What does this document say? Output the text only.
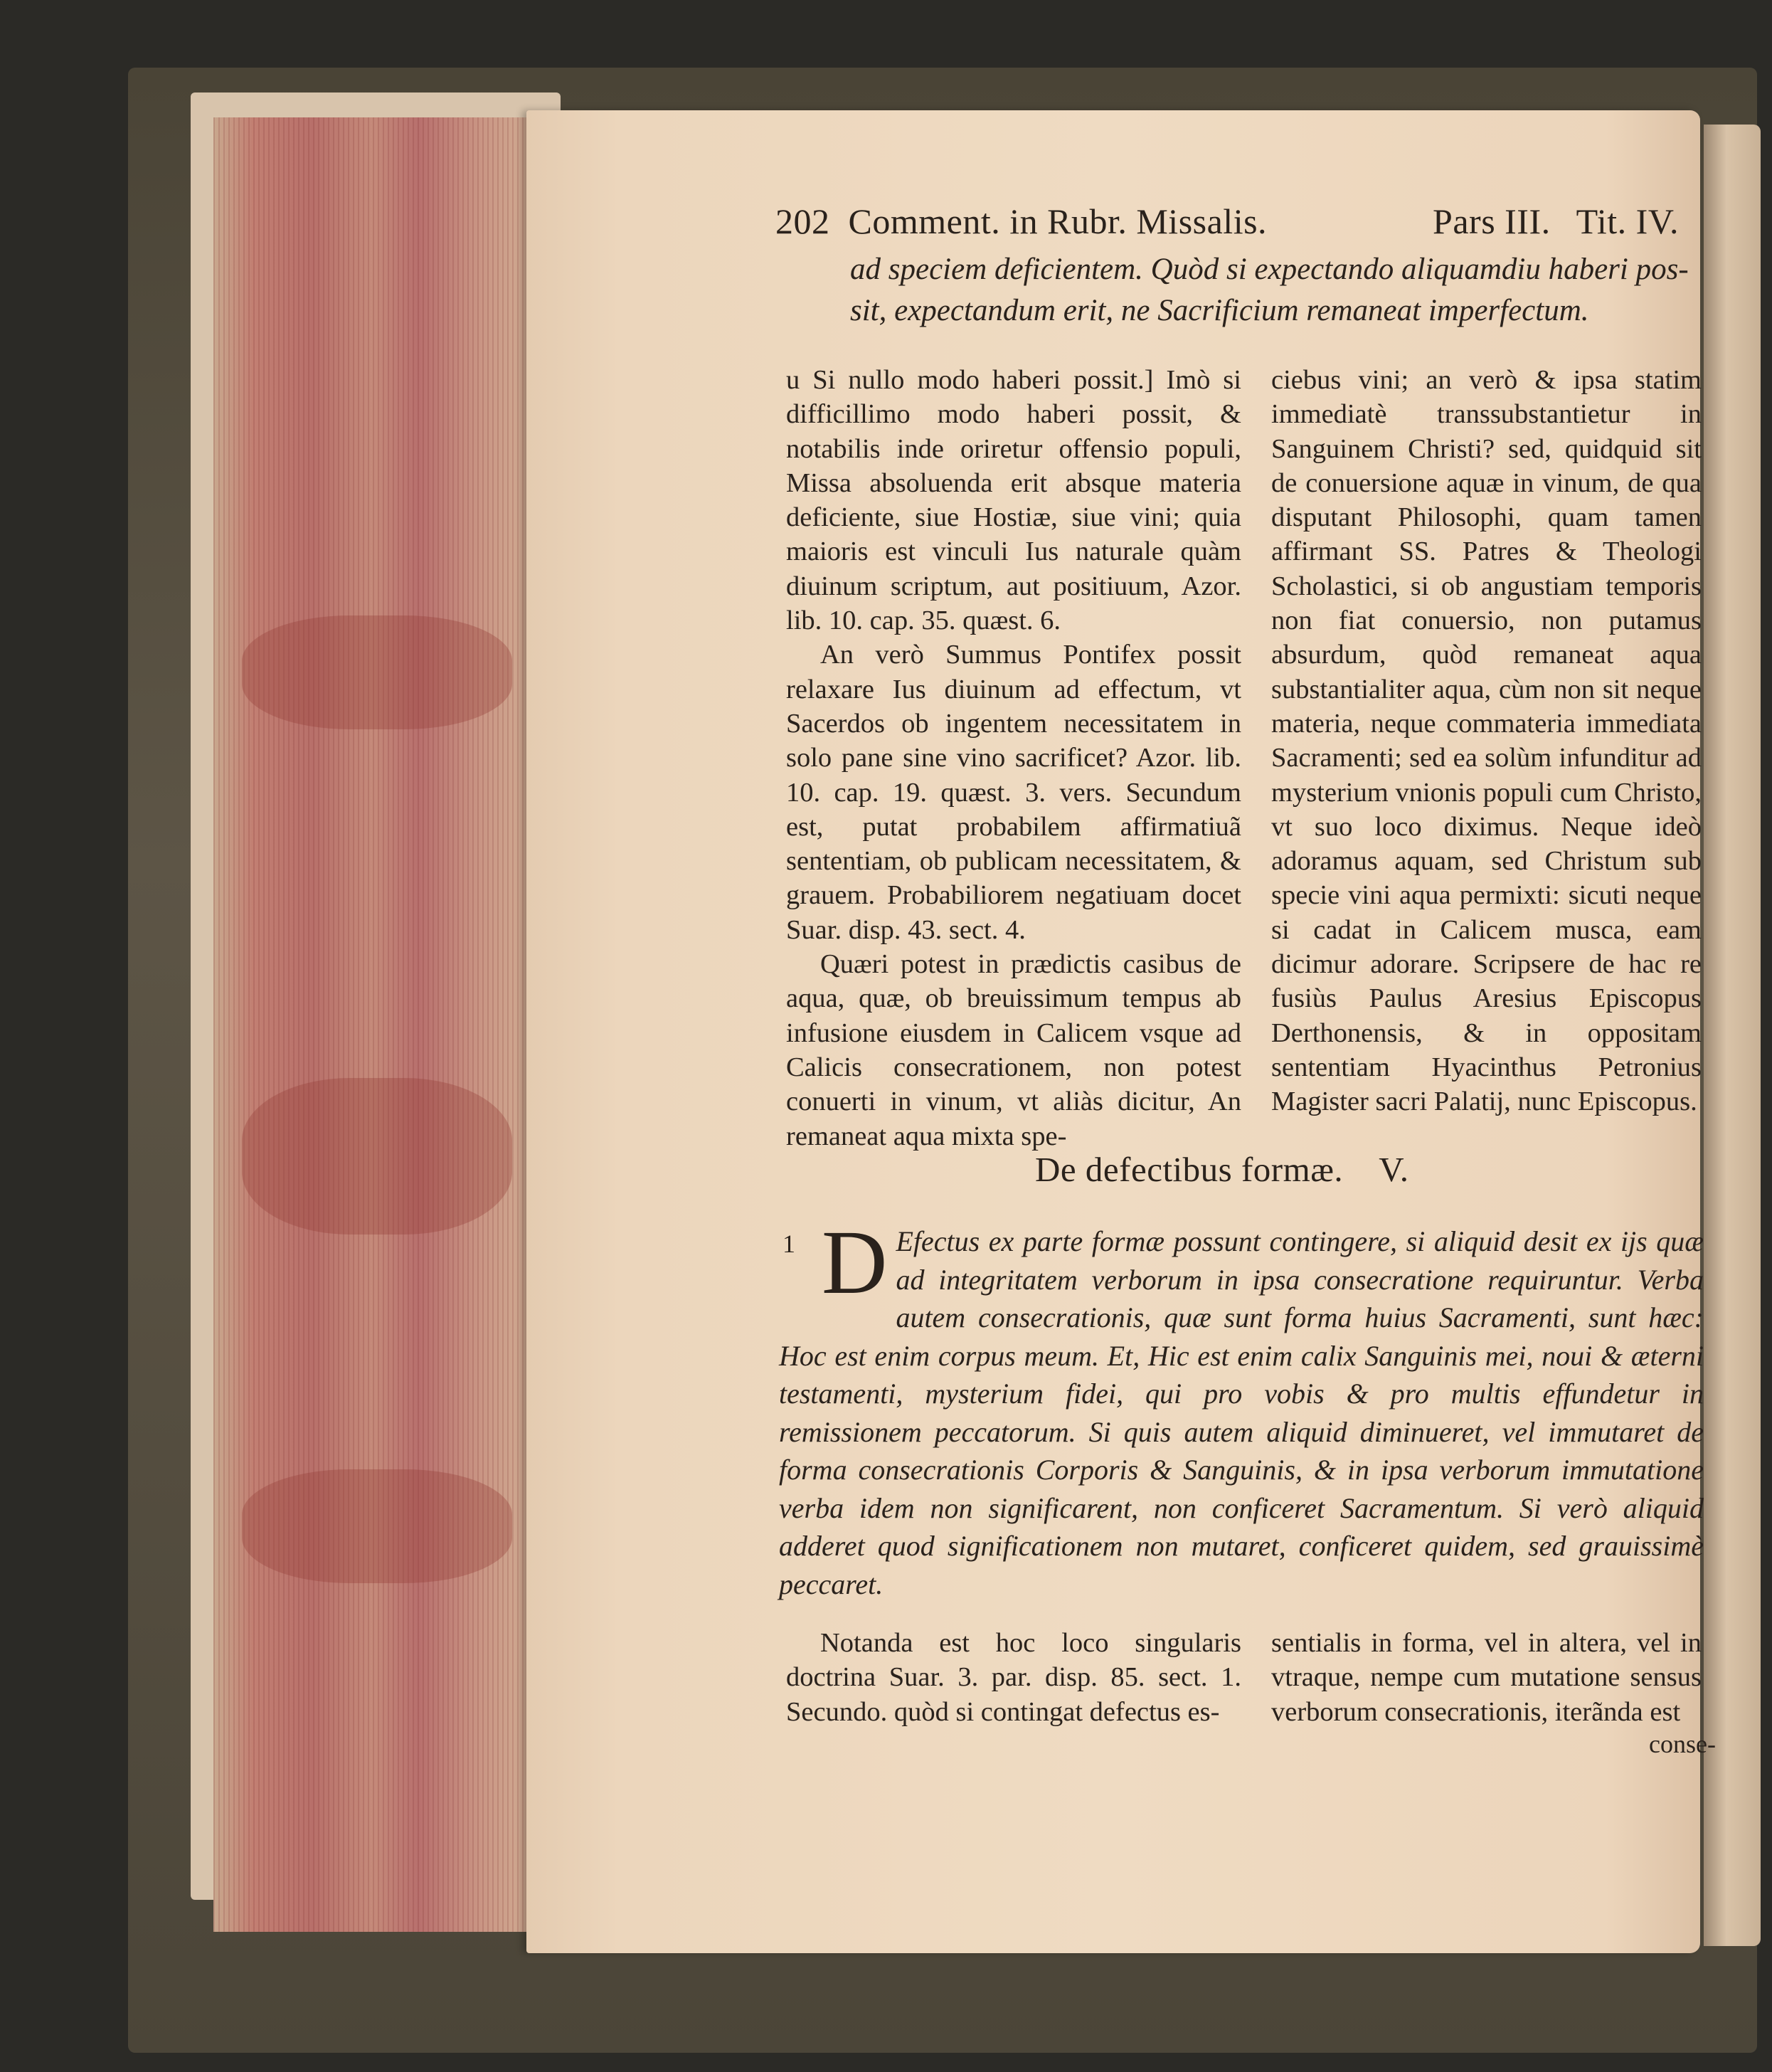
202 Comment. in Rubr. Missalis.	Pars III. Tit. IV.
ad speciem deficientem. Quòd si expectando aliquamdiu haberi pos-
sit, expectandum erit, ne Sacrificium remaneat imperfectum.

u Si nullo modo haberi possit.] Imò si difficillimo modo haberi possit, & notabilis inde oriretur offensio populi, Missa absoluenda erit absque materia deficiente, siue Hostiæ, siue vini; quia maioris est vinculi Ius naturale quàm diuinum scriptum, aut positiuum, Azor. lib. 10. cap. 35. quæst. 6.

An verò Summus Pontifex possit relaxare Ius diuinum ad effectum, vt Sacerdos ob ingentem necessitatem in solo pane sine vino sacrificet? Azor. lib. 10. cap. 19. quæst. 3. vers. Secundum est, putat probabilem affirmatiuã sententiam, ob publicam necessitatem, & grauem. Probabiliorem negatiuam docet Suar. disp. 43. sect. 4.

Quæri potest in prædictis casibus de aqua, quæ, ob breuissimum tempus ab infusione eiusdem in Calicem vsque ad Calicis consecrationem, non potest conuerti in vinum, vt aliàs dicitur, An remaneat aqua mixta spe-

ciebus vini; an verò & ipsa statim immediatè transsubstantietur in Sanguinem Christi? sed, quidquid sit de conuersione aquæ in vinum, de qua disputant Philosophi, quam tamen affirmant SS. Patres & Theologi Scholastici, si ob angustiam temporis non fiat conuersio, non putamus absurdum, quòd remaneat aqua substantialiter aqua, cùm non sit neque materia, neque commateria immediata Sacramenti; sed ea solùm infunditur ad mysterium vnionis populi cum Christo, vt suo loco diximus. Neque ideò adoramus aquam, sed Christum sub specie vini aqua permixti: sicuti neque si cadat in Calicem musca, eam dicimur adorare. Scripsere de hac re fusiùs Paulus Aresius Episcopus Derthonensis, & in oppositam sententiam Hyacinthus Petronius Magister sacri Palatij, nunc Episcopus.

De defectibus formæ. V.
1 D Efectus ex parte formæ possunt contingere, si aliquid desit ex ijs quæ ad integritatem verborum in ipsa consecratione requiruntur. Verba autem consecrationis, quæ sunt forma huius Sacramenti, sunt hæc: Hoc est enim corpus meum. Et, Hic est enim calix Sanguinis mei, noui & æterni testamenti, mysterium fidei, qui pro vobis & pro multis effundetur in remissionem peccatorum. Si quis autem aliquid diminueret, vel immutaret de forma consecrationis Corporis & Sanguinis, & in ipsa verborum immutatione verba idem non significarent, non conficeret Sacramentum. Si verò aliquid adderet quod significationem non mutaret, conficeret quidem, sed grauissimè peccaret.

Notanda est hoc loco singularis doctrina Suar. 3. par. disp. 85. sect. 1. Secundo. quòd si contingat defectus es-

sentialis in forma, vel in altera, vel in vtraque, nempe cum mutatione sensus verborum consecrationis, iterãnda est

conse-
